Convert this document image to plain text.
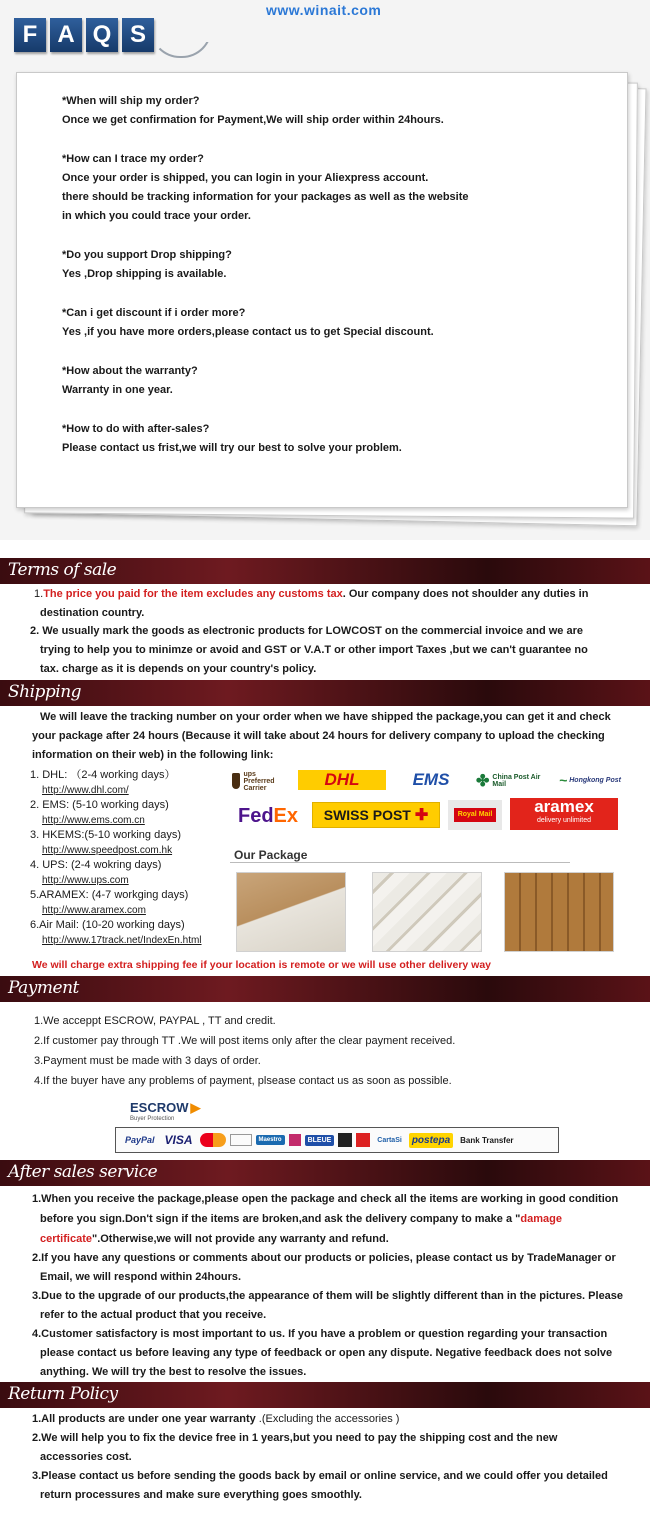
www.winait.com
F A Q S
*When will ship my order?
Once we get confirmation for Payment,We will ship order within 24hours.
*How can I trace my order?
Once your order is shipped, you can login in your Aliexpress account.
there should be tracking information for your packages as well as the website
in which you could trace your order.
*Do you support Drop shipping?
Yes ,Drop shipping is available.
*Can i get discount if i order more?
Yes ,if you have more orders,please contact us to get Special discount.
*How about the warranty?
Warranty in one year.
*How to do with after-sales?
Please contact us frist,we will try our best to solve your problem.
Terms of sale
1.The price you paid for the item excludes any customs tax. Our company does not shoulder any duties in
destination country.
2. We usually mark the goods as electronic products for LOWCOST on the commercial invoice and we are
trying to help you to minimze or avoid and GST or V.A.T or other import Taxes ,but we can't guarantee no
tax. charge as it is depends on your country's policy.
Shipping
We will leave the tracking number on your order when we have shipped the package,you can get it and check
your package after 24 hours (Because it will take about 24 hours for delivery company to upload the checking
information on their web) in the following link:
1. DHL: （2-4 working days）
http://www.dhl.com/
2. EMS: (5-10 working days)
http://www.ems.com.cn
3. HKEMS:(5-10 working days)
http://www.speedpost.com.hk
4. UPS: (2-4 wokring days)
http://www.ups.com
5.ARAMEX: (4-7 workging days)
http://www.aramex.com
6.Air Mail: (10-20 working days)
http://www.17track.net/IndexEn.html
ups Preferred Carrier	DHL	EMS	✤ China Post Air Mail	~ Hongkong Post
Fed Ex SWISS POST ✚	Royal Mail aramex
delivery unlimited
Our Package
We will charge extra shipping fee if your location is remote or we will use other delivery way
Payment
1.We acceppt ESCROW, PAYPAL , TT and credit.
2.If customer pay through TT .We will post items only after the clear payment received.
3.Payment must be made with 3 days of order.
4.If the buyer have any problems of payment, plsease contact us as soon as possible.
ESCROW ▶
Buyer Protection
PayPal VISA	Maestro	BLEUE	CartaSi	postepa	Bank Transfer
After sales service
1.When you receive the package,please open the package and check all the items are working in good condition
before you sign.Don't sign if the items are broken,and ask the delivery company to make a "damage
certificate".Otherwise,we will not provide any warranty and refund.
2.If you have any questions or comments about our products or policies, please contact us by TradeManager or
Email, we will respond within 24hours.
3.Due to the upgrade of our products,the appearance of them will be slightly different than in the pictures. Please
refer to the actual product that you receive.
4.Customer satisfactory is most important to us. If you have a problem or question regarding your transaction
please contact us before leaving any type of feedback or open any dispute. Negative feedback does not solve
anything. We will try the best to resolve the issues.
Return Policy
1.All products are under one year warranty .(Excluding the accessories )
2.We will help you to fix the device free in 1 years,but you need to pay the shipping cost and the new
accessories cost.
3.Please contact us before sending the goods back by email or online service, and we could offer you detailed
return processures and make sure everything goes smoothly.
